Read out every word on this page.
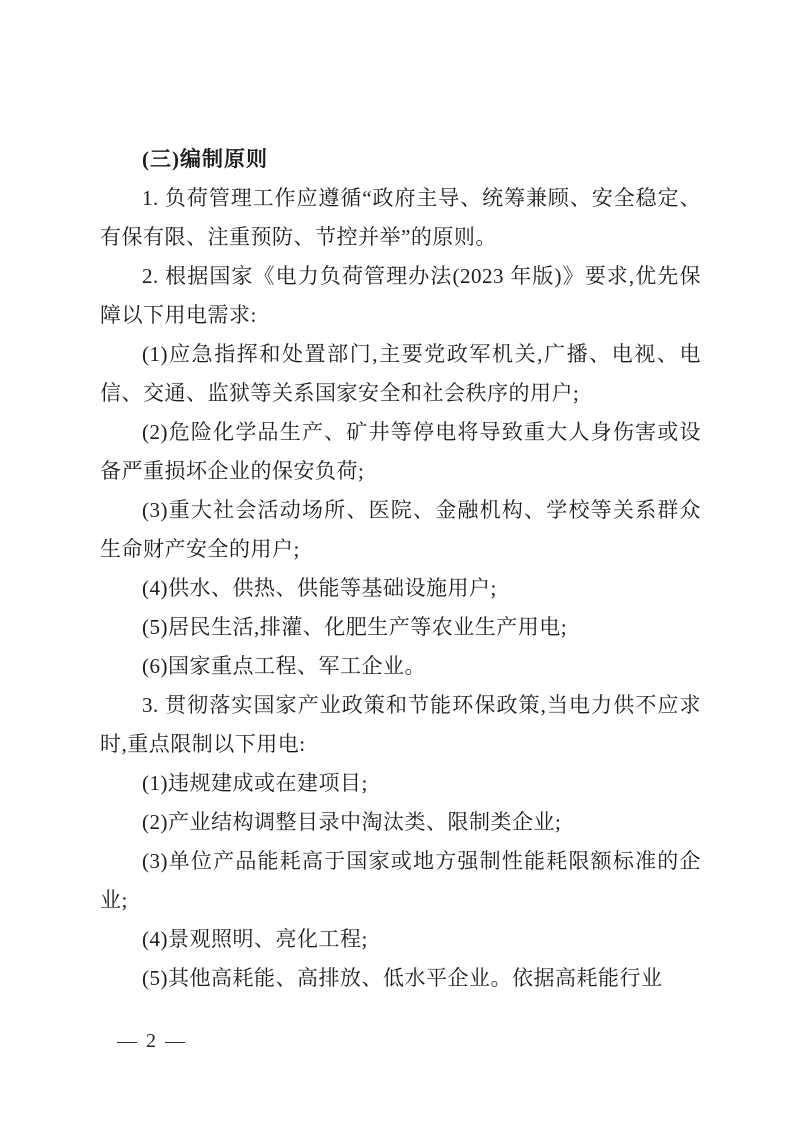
(三)编制原则

1. 负荷管理工作应遵循“政府主导、统筹兼顾、安全稳定、有保有限、注重预防、节控并举”的原则。

2. 根据国家《电力负荷管理办法(2023 年版)》要求,优先保障以下用电需求:

(1)应急指挥和处置部门,主要党政军机关,广播、电视、电信、交通、监狱等关系国家安全和社会秩序的用户;

(2)危险化学品生产、矿井等停电将导致重大人身伤害或设备严重损坏企业的保安负荷;

(3)重大社会活动场所、医院、金融机构、学校等关系群众生命财产安全的用户;

(4)供水、供热、供能等基础设施用户;

(5)居民生活,排灌、化肥生产等农业生产用电;

(6)国家重点工程、军工企业。

3. 贯彻落实国家产业政策和节能环保政策,当电力供不应求时,重点限制以下用电:

(1)违规建成或在建项目;

(2)产业结构调整目录中淘汰类、限制类企业;

(3)单位产品能耗高于国家或地方强制性能耗限额标准的企业;

(4)景观照明、亮化工程;

(5)其他高耗能、高排放、低水平企业。依据高耗能行业

— 2 —
